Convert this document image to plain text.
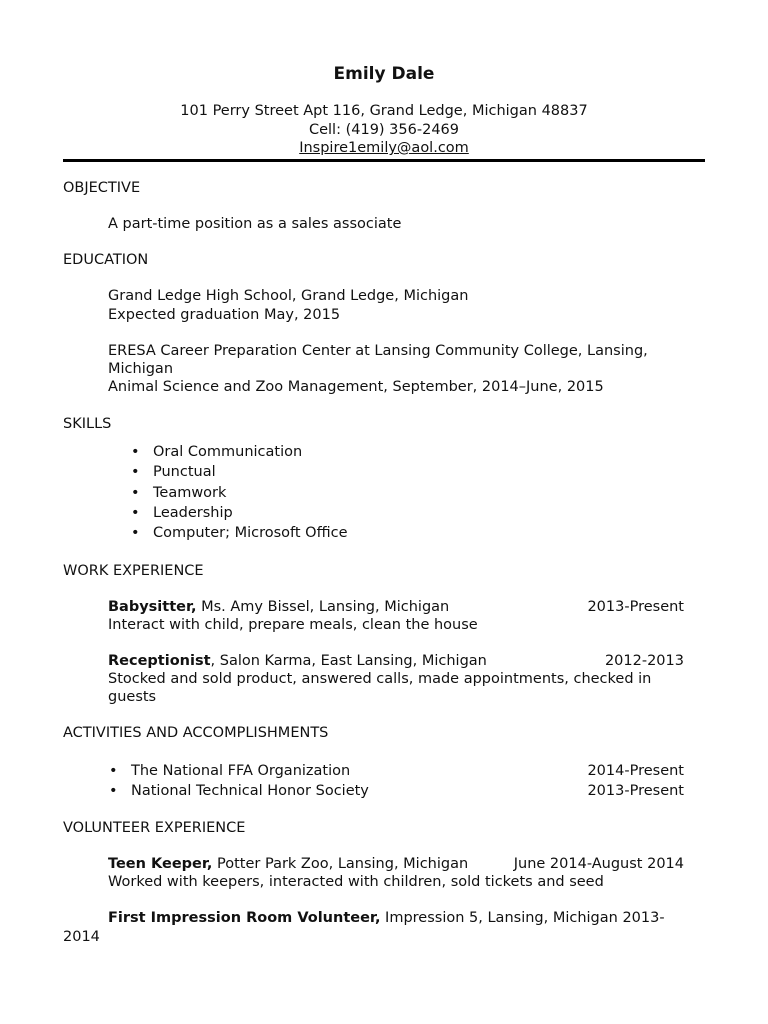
Emily Dale
101 Perry Street Apt 116, Grand Ledge, Michigan 48837
Cell: (419) 356-2469
Inspire1emily@aol.com
OBJECTIVE
A part-time position as a sales associate
EDUCATION
Grand Ledge High School, Grand Ledge, Michigan
Expected graduation May, 2015
ERESA Career Preparation Center at Lansing Community College, Lansing,
Michigan
Animal Science and Zoo Management, September, 2014–June, 2015
SKILLS
• Oral Communication
• Punctual
• Teamwork
• Leadership
• Computer; Microsoft Office
WORK EXPERIENCE
Babysitter, Ms. Amy Bissel, Lansing, Michigan	2013-Present
Interact with child, prepare meals, clean the house
Receptionist, Salon Karma, East Lansing, Michigan	2012-2013
Stocked and sold product, answered calls, made appointments, checked in
guests
ACTIVITIES AND ACCOMPLISHMENTS
• The National FFA Organization	2014-Present
• National Technical Honor Society	2013-Present
VOLUNTEER EXPERIENCE
Teen Keeper, Potter Park Zoo, Lansing, Michigan	June 2014-August 2014
Worked with keepers, interacted with children, sold tickets and seed
First Impression Room Volunteer, Impression 5, Lansing, Michigan 2013-
2014
